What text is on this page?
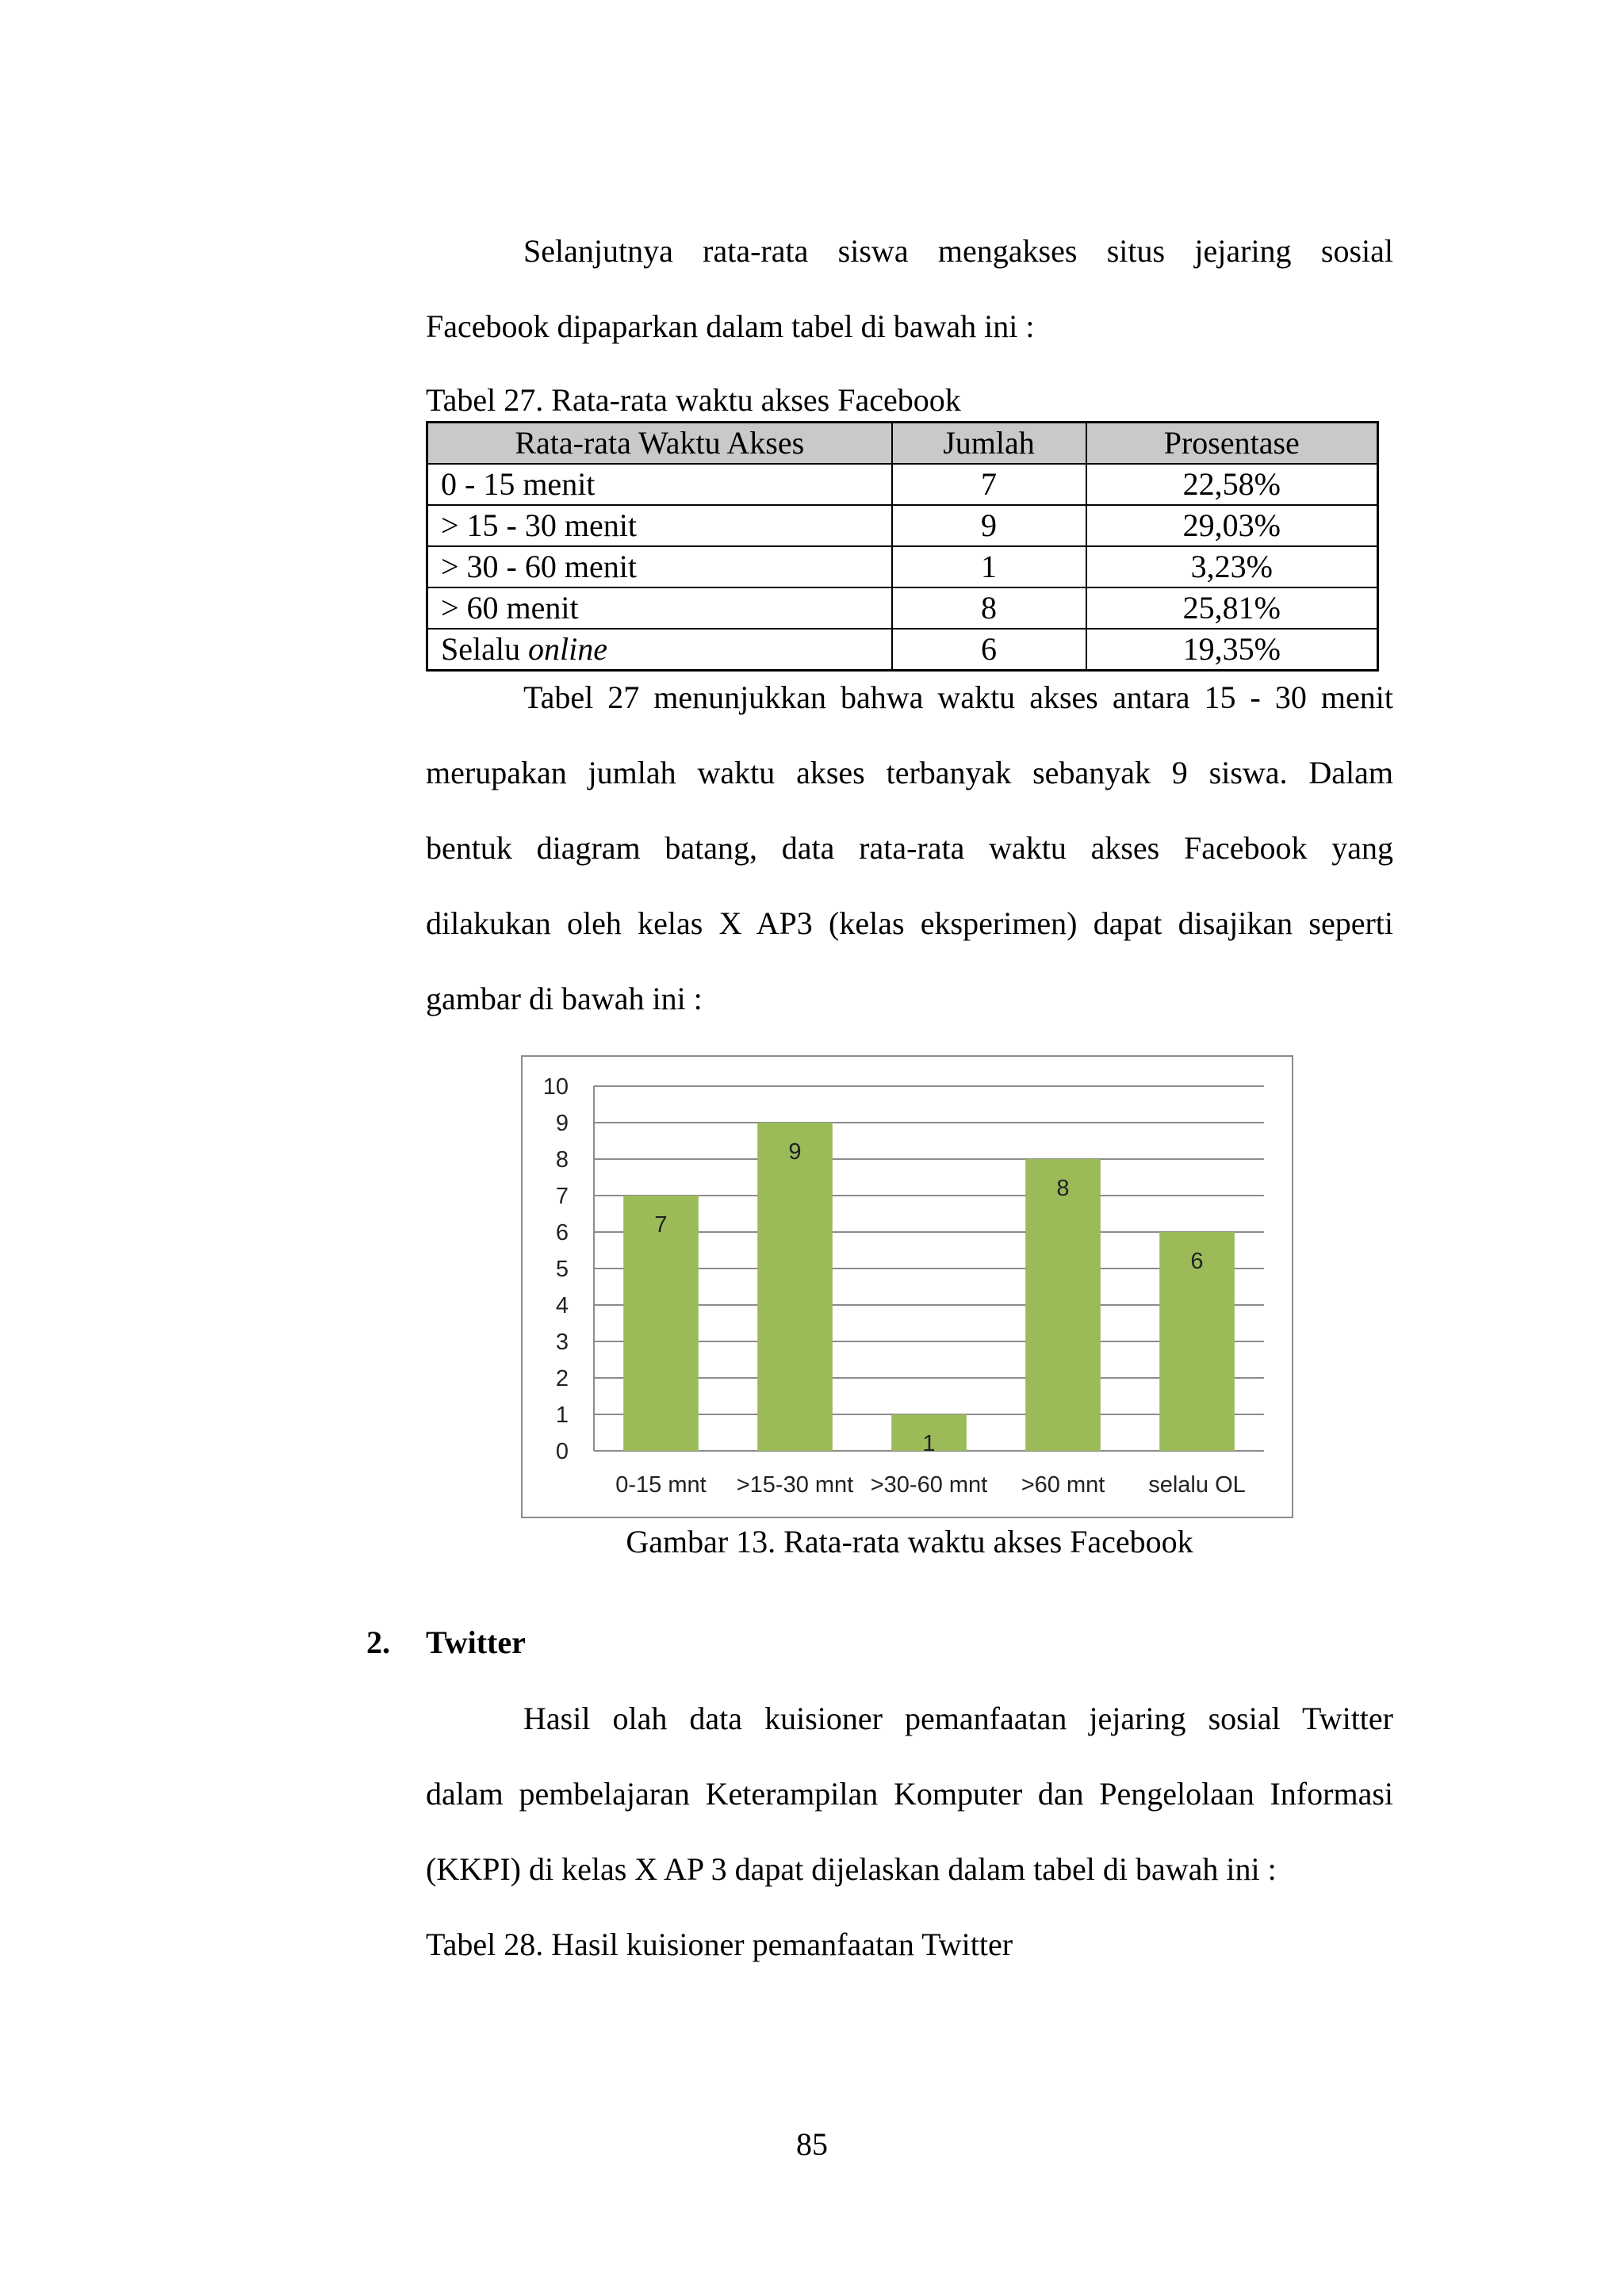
Selanjutnya rata-rata siswa mengakses situs jejaring sosial
Facebook dipaparkan dalam tabel di bawah ini :
Tabel 27. Rata-rata waktu akses Facebook
Rata-rata Waktu Akses	Jumlah	Prosentase
0 - 15 menit	7	22,58%
> 15 - 30 menit	9	29,03%
> 30 - 60 menit	1	3,23%
> 60 menit	8	25,81%
Selalu online	6	19,35%
Tabel 27 menunjukkan bahwa waktu akses antara 15 - 30 menit
merupakan jumlah waktu akses terbanyak sebanyak 9 siswa. Dalam
bentuk diagram batang, data rata-rata waktu akses Facebook yang
dilakukan oleh kelas X AP3 (kelas eksperimen) dapat disajikan seperti
gambar di bawah ini :
0
1
2
3
4
5
6
7
8
9
10
7
0-15 mnt
9
>15-30 mnt
1
>30-60 mnt
8
>60 mnt
6
selalu OL
Gambar 13. Rata-rata waktu akses Facebook
2. Twitter
Hasil olah data kuisioner pemanfaatan jejaring sosial Twitter
dalam pembelajaran Keterampilan Komputer dan Pengelolaan Informasi
(KKPI) di kelas X AP 3 dapat dijelaskan dalam tabel di bawah ini :
Tabel 28. Hasil kuisioner pemanfaatan Twitter
85
